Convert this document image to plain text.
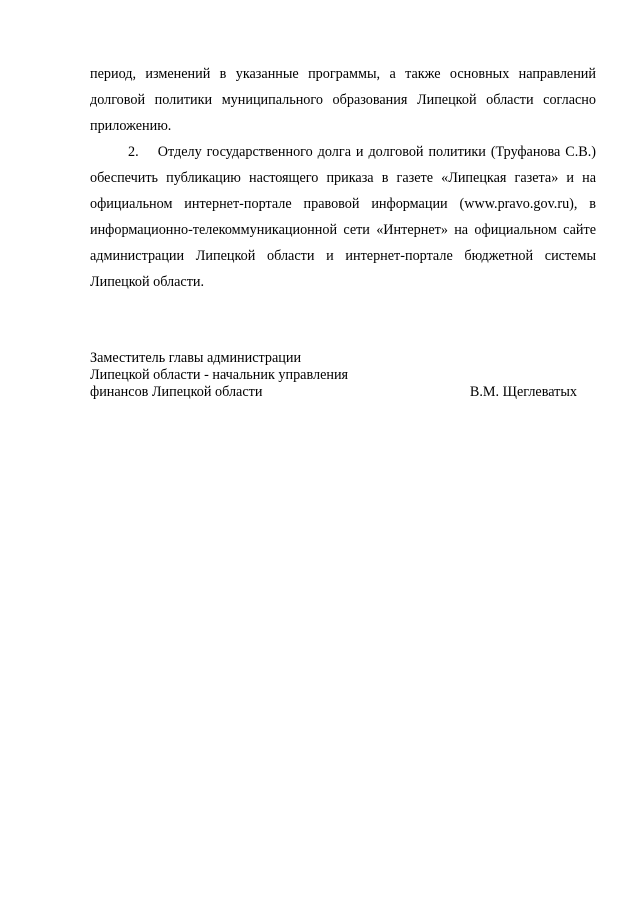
период, изменений в указанные программы, а также основных направлений долговой политики муниципального образования Липецкой области согласно приложению.

2.  Отделу государственного долга и долговой политики (Труфанова С.В.) обеспечить публикацию настоящего приказа в газете «Липецкая газета» и на официальном интернет-портале правовой информации (www.pravo.gov.ru), в информационно-телекоммуникационной сети «Интернет» на официальном сайте администрации Липецкой области и интернет-портале бюджетной системы Липецкой области.

Заместитель главы администрации
Липецкой области - начальник управления
финансов Липецкой области	В.М. Щеглеватых
